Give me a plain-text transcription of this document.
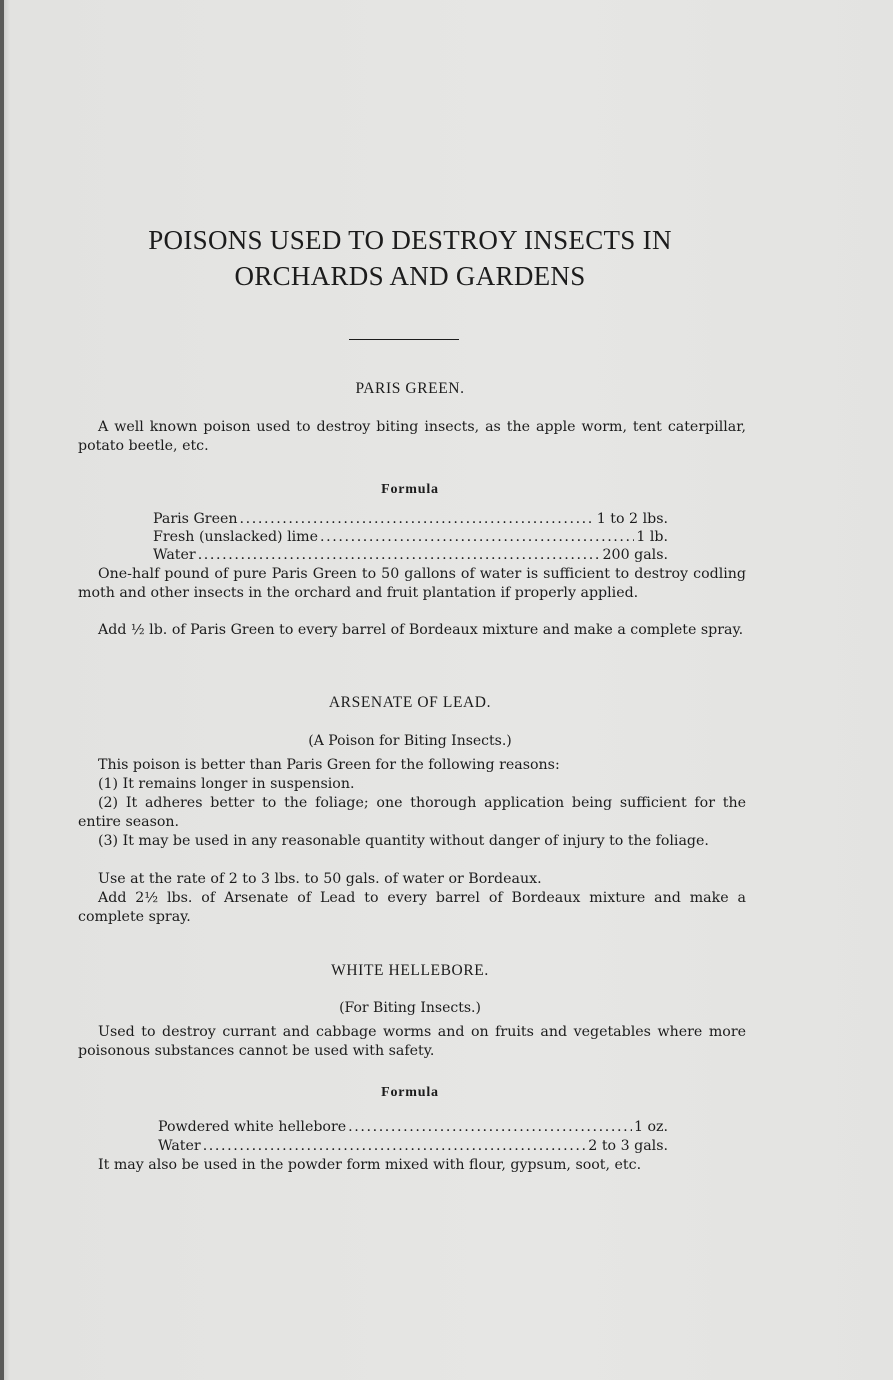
POISONS USED TO DESTROY INSECTS IN
ORCHARDS AND GARDENS
PARIS GREEN.

A well known poison used to destroy biting insects, as the apple worm, tent caterpillar, potato beetle, etc.

Formula
Paris Green .....	1 to 2 lbs.
Fresh (unslacked) lime .....	1 lb.
Water .....	200 gals.

One-half pound of pure Paris Green to 50 gallons of water is sufficient to destroy codling moth and other insects in the orchard and fruit plantation if properly applied.

Add ½ lb. of Paris Green to every barrel of Bordeaux mixture and make a complete spray.

ARSENATE OF LEAD.
(A Poison for Biting Insects.)

This poison is better than Paris Green for the following reasons:

(1) It remains longer in suspension.

(2) It adheres better to the foliage; one thorough application being sufficient for the entire season.

(3) It may be used in any reasonable quantity without danger of injury to the foliage.

Use at the rate of 2 to 3 lbs. to 50 gals. of water or Bordeaux.

Add 2½ lbs. of Arsenate of Lead to every barrel of Bordeaux mixture and make a complete spray.

WHITE HELLEBORE.
(For Biting Insects.)

Used to destroy currant and cabbage worms and on fruits and vegetables where more poisonous substances cannot be used with safety.

Formula
Powdered white hellebore .....	1 oz.
Water .....	2 to 3 gals.

It may also be used in the powder form mixed with flour, gypsum, soot, etc.
